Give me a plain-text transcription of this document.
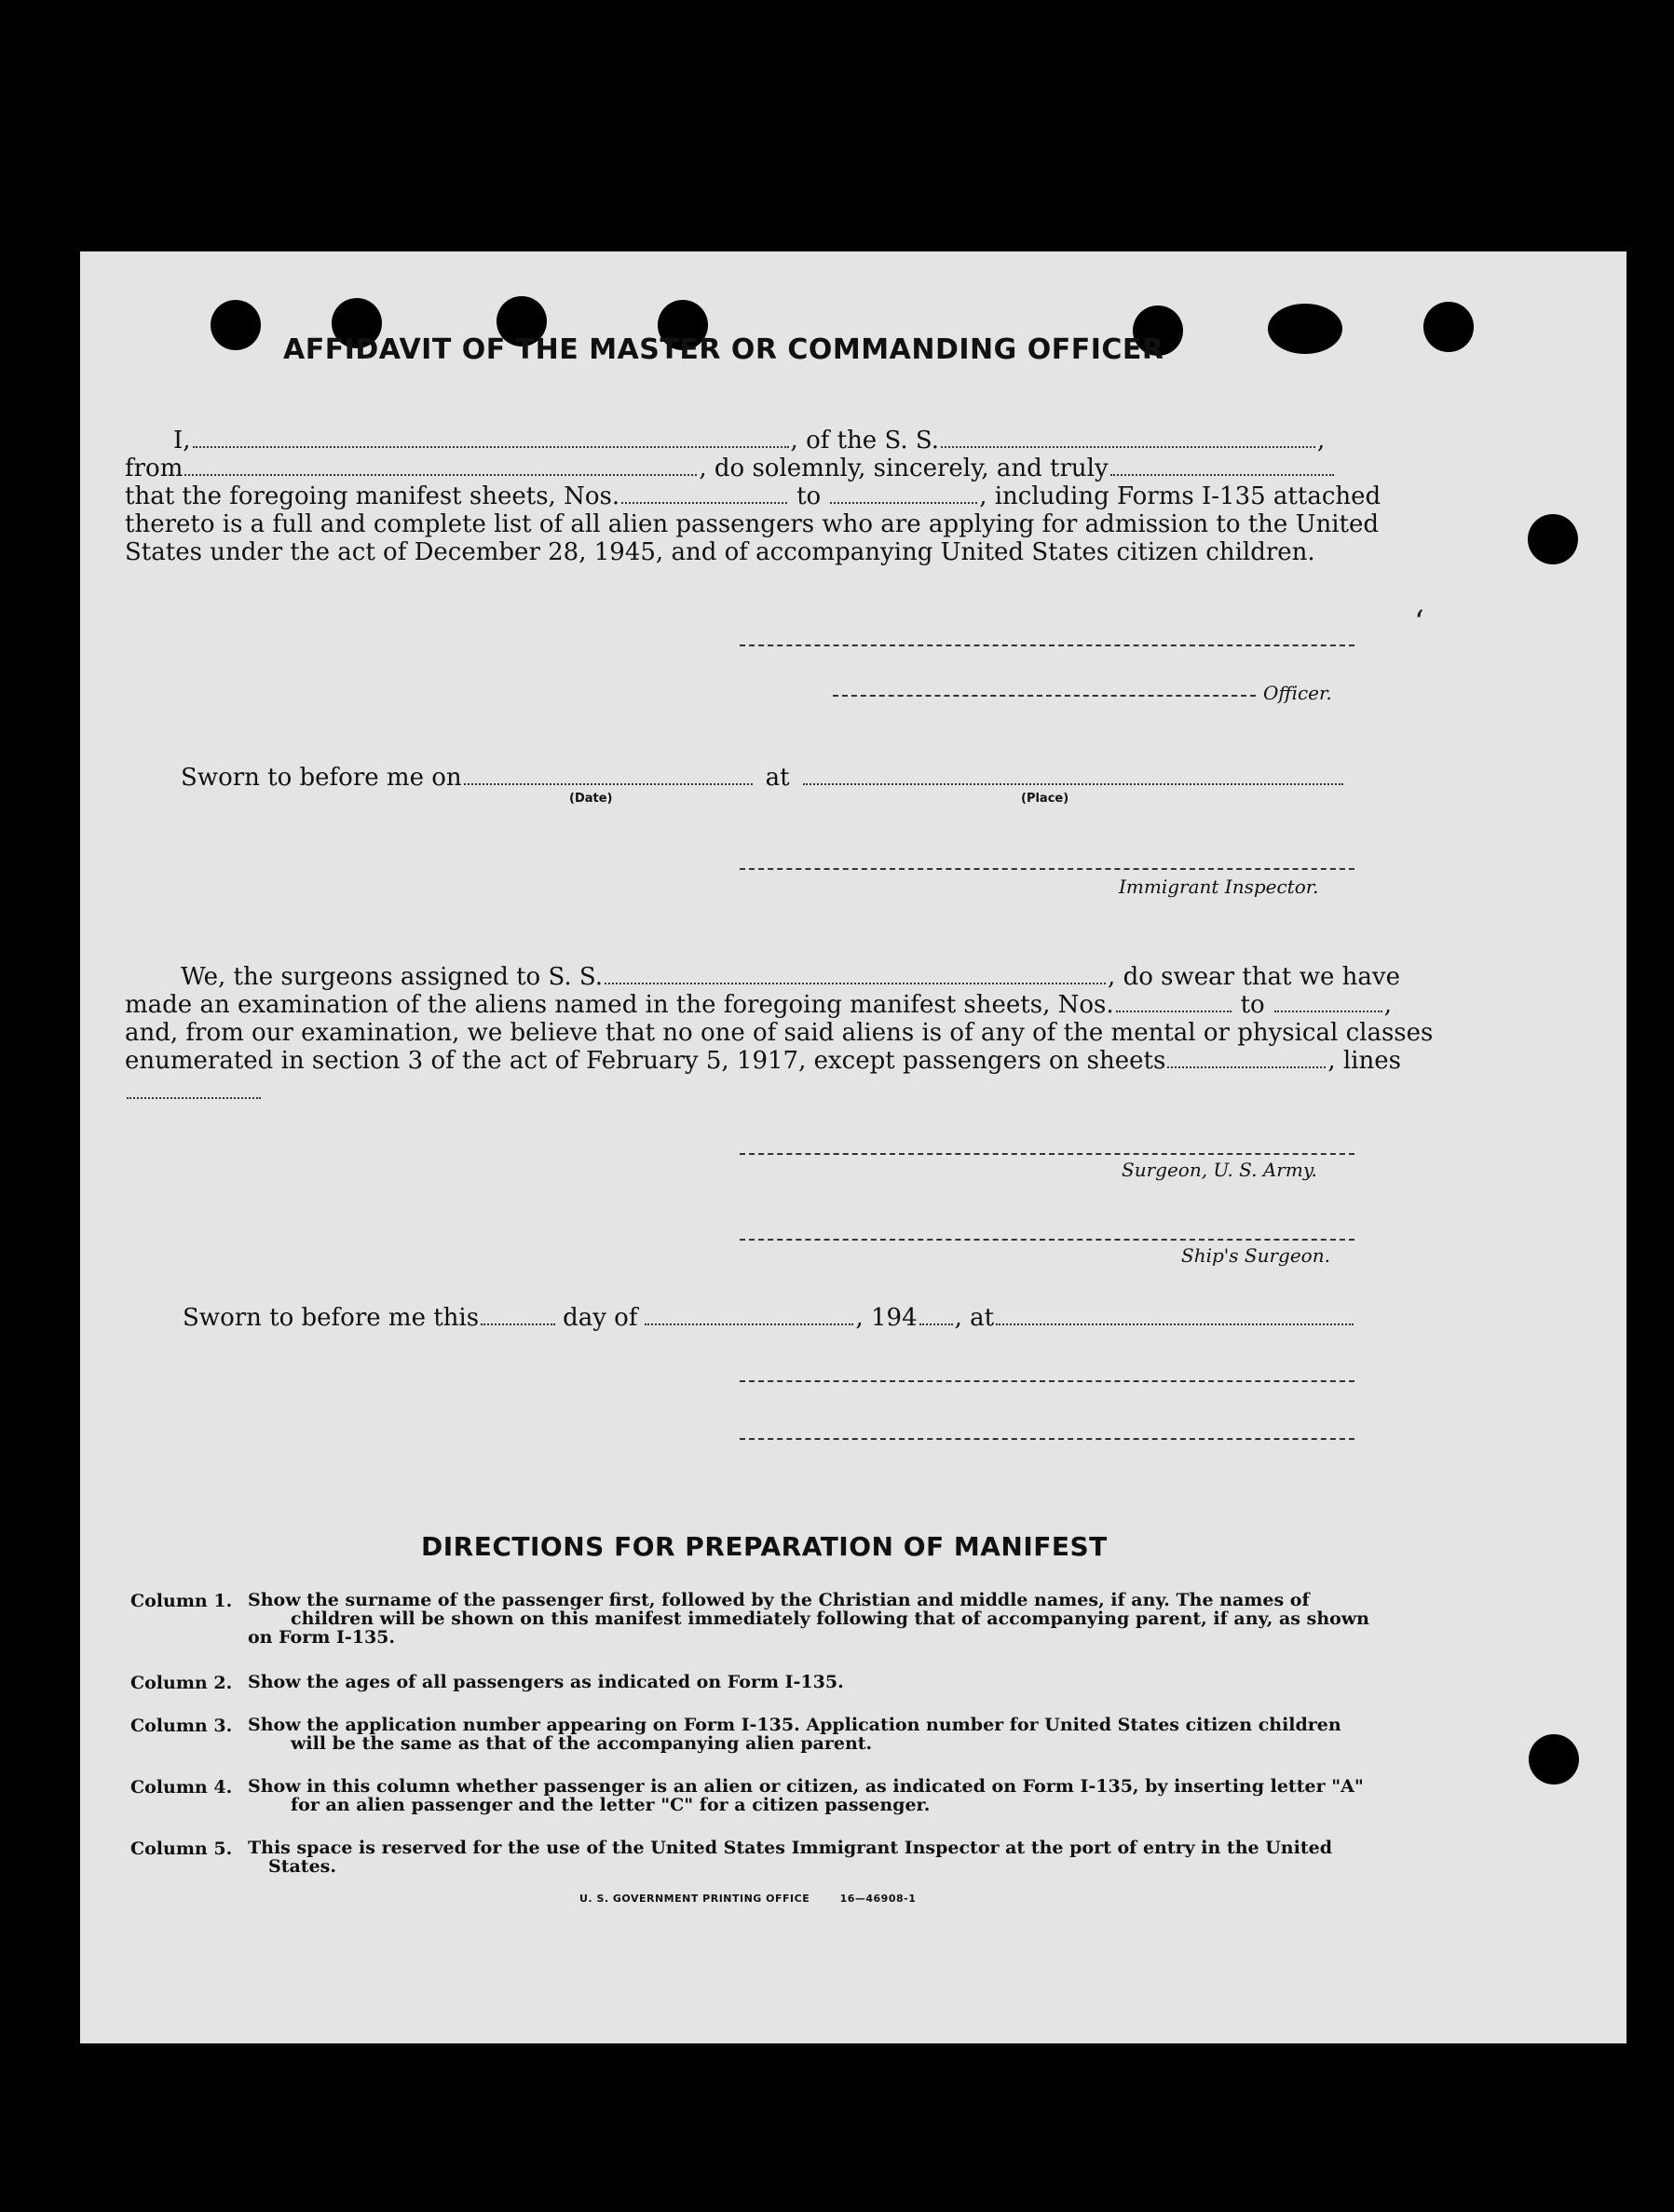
AFFIDAVIT OF THE MASTER OR COMMANDING OFFICER
I,	, of the S. S.	,
from	, do solemnly, sincerely, and truly
that the foregoing manifest sheets, Nos.	to	, including Forms I-135 attached
thereto is a full and complete list of all alien passengers who are applying for admission to the United
States under the act of December 28, 1945, and of accompanying United States citizen children.
Officer.
Sworn to before me on	at
(Date)	(Place)
Immigrant Inspector.
We, the surgeons assigned to S. S.	, do swear that we have
made an examination of the aliens named in the foregoing manifest sheets, Nos.	to	,
and, from our examination, we believe that no one of said aliens is of any of the mental or physical classes
enumerated in section 3 of the act of February 5, 1917, except passengers on sheets	, lines
Surgeon, U. S. Army.
Ship's Surgeon.
Sworn to before me this	day of	, 194 , at
DIRECTIONS FOR PREPARATION OF MANIFEST
Column 1. Show the surname of the passenger first, followed by the Christian and middle names, if any. The names of
children will be shown on this manifest immediately following that of accompanying parent, if any, as shown
on Form I-135.
Column 2. Show the ages of all passengers as indicated on Form I-135.
Column 3. Show the application number appearing on Form I-135. Application number for United States citizen children
will be the same as that of the accompanying alien parent.
Column 4. Show in this column whether passenger is an alien or citizen, as indicated on Form I-135, by inserting letter "A"
for an alien passenger and the letter "C" for a citizen passenger.
Column 5. This space is reserved for the use of the United States Immigrant Inspector at the port of entry in the United
States.
U. S. GOVERNMENT PRINTING OFFICE	16—46908-1
‘
